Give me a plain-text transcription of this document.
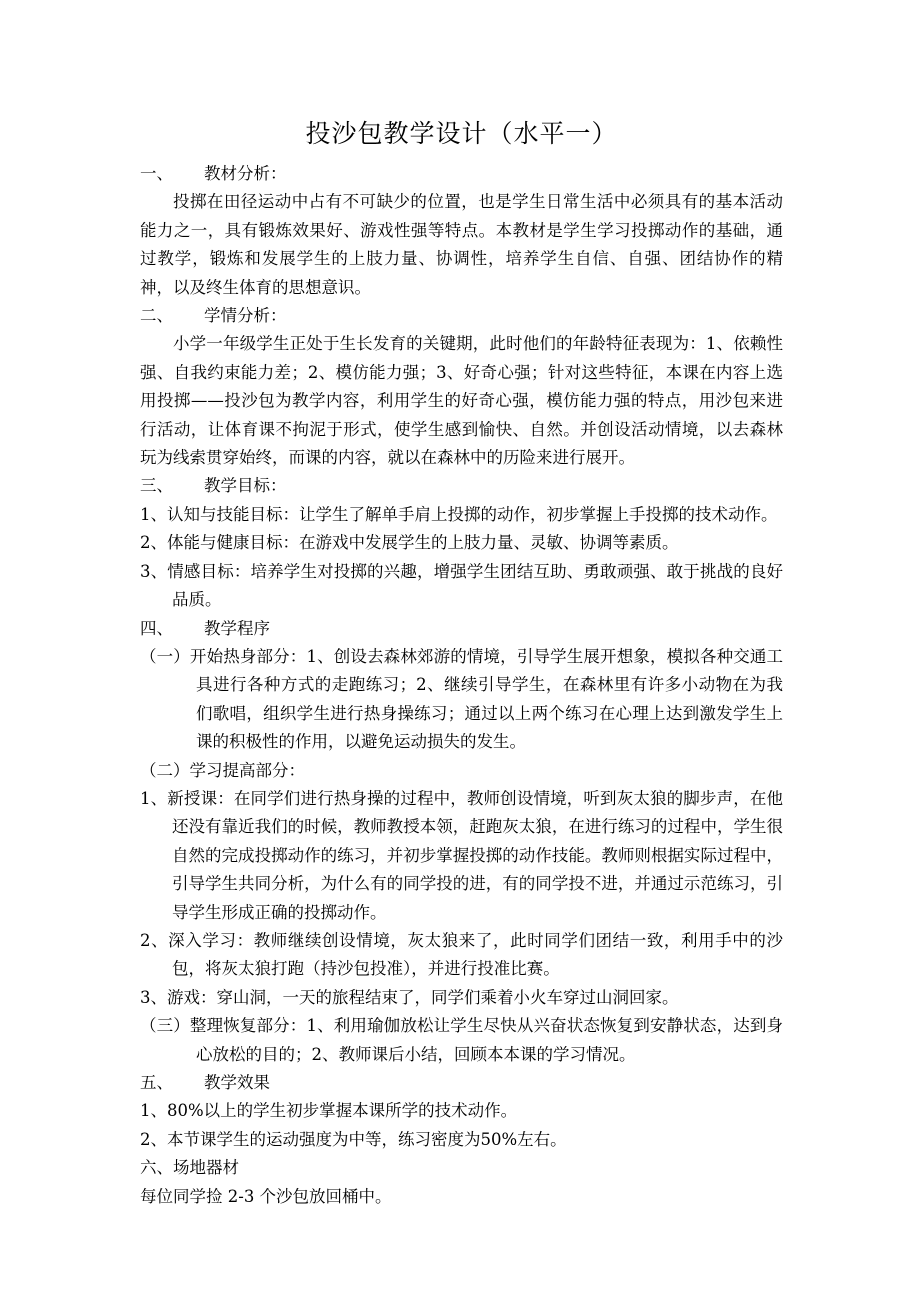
投沙包教学设计（水平一）
一、 教材分析：
投掷在田径运动中占有不可缺少的位置，也是学生日常生活中必须具有的基本活动能力之一，具有锻炼效果好、游戏性强等特点。本教材是学生学习投掷动作的基础，通过教学，锻炼和发展学生的上肢力量、协调性，培养学生自信、自强、团结协作的精神，以及终生体育的思想意识。
二、 学情分析：
小学一年级学生正处于生长发育的关键期，此时他们的年龄特征表现为：1、依赖性强、自我约束能力差；2、模仿能力强；3、好奇心强；针对这些特征，本课在内容上选用投掷——投沙包为教学内容，利用学生的好奇心强，模仿能力强的特点，用沙包来进行活动，让体育课不拘泥于形式，使学生感到愉快、自然。并创设活动情境，以去森林玩为线索贯穿始终，而课的内容，就以在森林中的历险来进行展开。
三、 教学目标：
1、认知与技能目标：让学生了解单手肩上投掷的动作，初步掌握上手投掷的技术动作。
2、体能与健康目标：在游戏中发展学生的上肢力量、灵敏、协调等素质。
3、情感目标：培养学生对投掷的兴趣，增强学生团结互助、勇敢顽强、敢于挑战的良好品质。
四、 教学程序
（一）开始热身部分：1、创设去森林郊游的情境，引导学生展开想象，模拟各种交通工具进行各种方式的走跑练习；2、继续引导学生，在森林里有许多小动物在为我们歌唱，组织学生进行热身操练习；通过以上两个练习在心理上达到激发学生上课的积极性的作用，以避免运动损失的发生。
（二）学习提高部分：
1、新授课：在同学们进行热身操的过程中，教师创设情境，听到灰太狼的脚步声，在他还没有靠近我们的时候，教师教授本领，赶跑灰太狼，在进行练习的过程中，学生很自然的完成投掷动作的练习，并初步掌握投掷的动作技能。教师则根据实际过程中，引导学生共同分析，为什么有的同学投的进，有的同学投不进，并通过示范练习，引导学生形成正确的投掷动作。
2、深入学习：教师继续创设情境，灰太狼来了，此时同学们团结一致，利用手中的沙包，将灰太狼打跑（持沙包投准），并进行投准比赛。
3、游戏：穿山洞，一天的旅程结束了，同学们乘着小火车穿过山洞回家。
（三）整理恢复部分：1、利用瑜伽放松让学生尽快从兴奋状态恢复到安静状态，达到身心放松的目的；2、教师课后小结，回顾本本课的学习情况。
五、 教学效果
1、80%以上的学生初步掌握本课所学的技术动作。
2、本节课学生的运动强度为中等，练习密度为50%左右。
六、场地器材
每位同学捡 2-3 个沙包放回桶中。
